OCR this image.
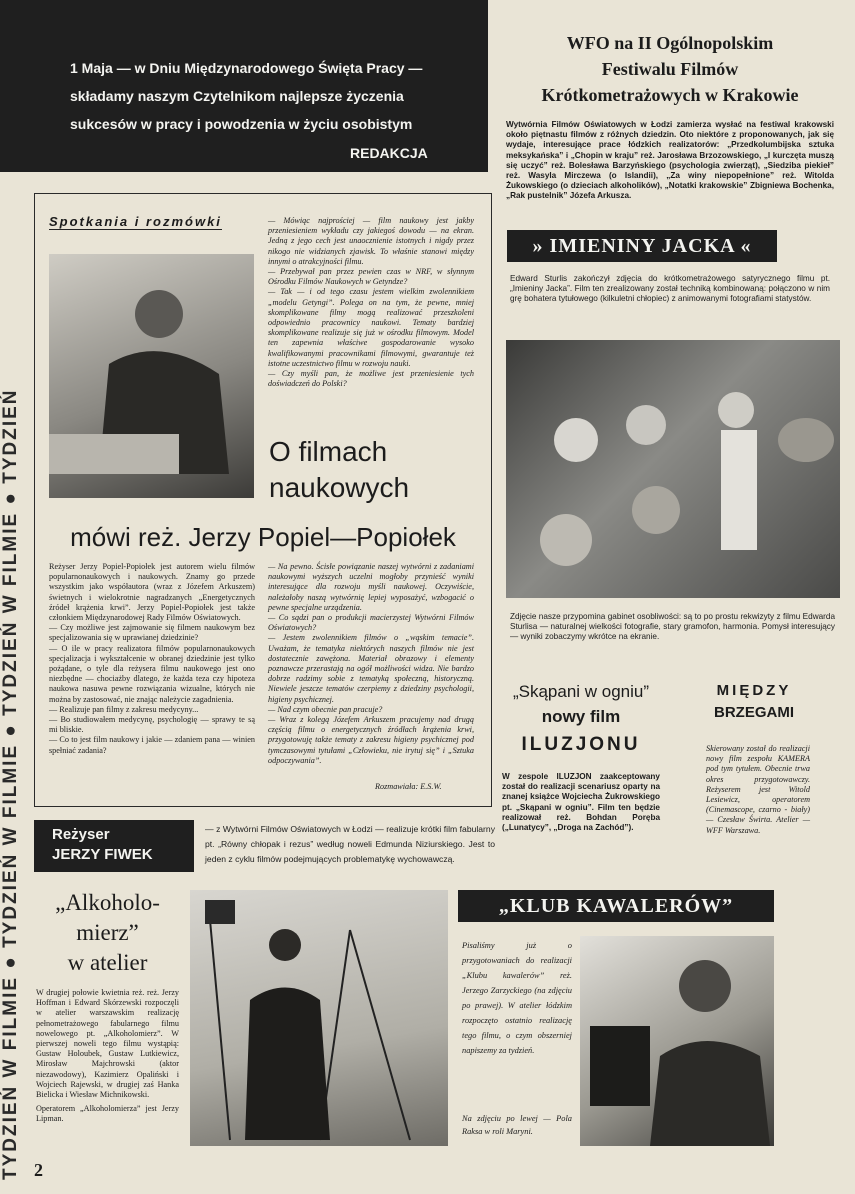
TYDZIEŃ W FILMIE ● TYDZIEŃ W FILMIE ● TYDZIEŃ W FILMIE ● TYDZIEŃ
1 Maja — w Dniu Międzynarodowego Święta Pracy —
składamy naszym Czytelnikom najlepsze życzenia
sukcesów w pracy i powodzenia w życiu osobistym
REDAKCJA
WFO na II Ogólnopolskim
Festiwalu Filmów
Krótkometrażowych w Krakowie
Wytwórnia Filmów Oświatowych w Łodzi zamierza wysłać na festiwal krakowski około piętnastu filmów z różnych dziedzin. Oto niektóre z proponowanych, jak się wydaje, interesujące prace łódzkich realizatorów: „Przedkolumbijska sztuka meksykańska” i „Chopin w kraju” reż. Jarosława Brzozowskiego, „I kurczęta muszą się uczyć” reż. Bolesława Barzyńskiego (psychologia zwierząt), „Siedziba piekieł” reż. Wasyla Mirczewa (o Islandii), „Za winy niepopełnione” reż. Witolda Żukowskiego (o dzieciach alkoholików), „Notatki krakowskie” Zbigniewa Bochenka, „Rak pustelnik” Józefa Arkusza.
» IMIENINY JACKA «
Edward Sturlis zakończył zdjęcia do krótkometrażowego satyrycznego filmu pt. „Imieniny Jacka”. Film ten zrealizowany został techniką kombinowaną: połączono w nim grę bohatera tytułowego (kilkuletni chłopiec) z animowanymi fotografiami statystów.
Zdjęcie nasze przypomina gabinet osobliwości: są to po prostu rekwizyty z filmu Edwarda Sturlisa — naturalnej wielkości fotografie, stary gramofon, harmonia. Pomysł interesujący — wyniki zobaczymy wkrótce na ekranie.
Spotkania i rozmówki	— Mówiąc najprościej — film naukowy jest jakby przeniesieniem wykładu czy jakiegoś dowodu — na ekran. Jedną z jego cech jest unaocznienie istotnych i nigdy przez nikogo nie widzianych zjawisk. To właśnie stanowi między innymi o atrakcyjności filmu.
— Przebywał pan przez pewien czas w NRF, w słynnym Ośrodku Filmów Naukowych w Getyndze?
— Tak — i od tego czasu jestem wielkim zwolennikiem „modelu Getyngi”. Polega on na tym, że pewne, mniej skomplikowane filmy mogą realizować przeszkoleni odpowiednio pracownicy naukowi. Tematy bardziej skomplikowane realizuje się już w ośrodku filmowym. Model ten zapewnia właściwe gospodarowanie wysoko kwalifikowanymi pracownikami filmowymi, gwarantuje też istotne uczestnictwo filmu w rozwoju nauki.
— Czy myśli pan, że możliwe jest przeniesienie tych doświadczeń do Polski?
O filmach
naukowych
mówi reż. Jerzy Popiel—Popiołek
Reżyser Jerzy Popiel-Popiołek jest autorem wielu filmów popularnonaukowych i naukowych. Znamy go przede wszystkim jako współautora (wraz z Józefem Arkuszem) świetnych i wielokrotnie nagradzanych „Energetycznych źródeł krążenia krwi”. Jerzy Popiel-Popiołek jest także członkiem Międzynarodowej Rady Filmów Oświatowych.
— Czy możliwe jest zajmowanie się filmem naukowym bez specjalizowania się w uprawianej dziedzinie?
— O ile w pracy realizatora filmów popularnonaukowych specjalizacja i wykształcenie w obranej dziedzinie jest tylko pożądane, o tyle dla reżysera filmu naukowego jest ono niezbędne — chociażby dlatego, że każda teza czy hipoteza naukowa nasuwa pewne rozwiązania wizualne, których nie można by zastosować, nie znając należycie zagadnienia.
— Realizuje pan filmy z zakresu medycyny...
— Bo studiowałem medycynę, psychologię — sprawy te są mi bliskie.
— Co to jest film naukowy i jakie — zdaniem pana — winien spełniać zadania?
— Na pewno. Ścisłe powiązanie naszej wytwórni z zadaniami naukowymi wyższych uczelni mogłoby przynieść wyniki interesujące dla rozwoju myśli naukowej. Oczywiście, należałoby naszą wytwórnię lepiej wyposażyć, wzbogacić o pewne specjalne urządzenia.
— Co sądzi pan o produkcji macierzystej Wytwórni Filmów Oświatowych?
— Jestem zwolennikiem filmów o „wąskim temacie”. Uważam, że tematyka niektórych naszych filmów nie jest dostatecznie zawężona. Materiał obrazowy i elementy poznawcze przerastają na ogół możliwości widza. Nie bardzo dobrze radzimy sobie z tematyką społeczną, historyczną. Niewiele jeszcze tematów czerpiemy z dziedziny psychologii, higieny psychicznej.
— Nad czym obecnie pan pracuje?
— Wraz z kolegą Józefem Arkuszem pracujemy nad drugą częścią filmu o energetycznych źródłach krążenia krwi, przygotowuję także tematy z zakresu higieny psychicznej pod tymczasowymi tytułami „Człowieku, nie irytuj się” i „Sztuka odpoczywania”.
Rozmawiała: E.S.W.
„Skąpani w ogniu”
nowy film
ILUZJONU
W zespole ILUZJON zaakceptowany został do realizacji scenariusz oparty na znanej książce Wojciecha Żukrowskiego pt. „Skąpani w ogniu”. Film ten będzie realizował reż. Bohdan Poręba („Lunatycy”, „Droga na Zachód”).
MIĘDZY
BRZEGAMI
Skierowany został do realizacji nowy film zespołu KAMERA pod tym tytułem. Obecnie trwa okres przygotowawczy. Reżyserem jest Witold Lesiewicz, operatorem (Cinemascope, czarno - biały) — Czesław Świrta. Atelier — WFF Warszawa.
Reżyser
JERZY FIWEK
— z Wytwórni Filmów Oświatowych w Łodzi — realizuje krótki film fabularny pt. „Równy chłopak i rezus” według noweli Edmunda Niziurskiego. Jest to jeden z cyklu filmów podejmujących problematykę wychowawczą.
„Alkoholo-
mierz”
w atelier
W drugiej połowie kwietnia reż. reż. Jerzy Hoffman i Edward Skórzewski rozpoczęli w atelier warszawskim realizację pełnometrażowego fabularnego filmu nowelowego pt. „Alkoholomierz”. W pierwszej noweli tego filmu wystąpią: Gustaw Holoubek, Gustaw Lutkiewicz, Mirosław Majchrowski (aktor niezawodowy), Kazimierz Opaliński i Wojciech Rajewski, w drugiej zaś Hanka Bielicka i Wiesław Michnikowski.
Operatorem „Alkoholomierza” jest Jerzy Lipman.
„KLUB KAWALERÓW”
Pisaliśmy już o przygotowaniach do realizacji „Klubu kawalerów” reż. Jerzego Zarzyckiego (na zdjęciu po prawej). W atelier łódzkim rozpoczęto ostatnio realizację tego filmu, o czym obszerniej napiszemy za tydzień.
Na zdjęciu po lewej — Pola Raksa w roli Maryni.
2
